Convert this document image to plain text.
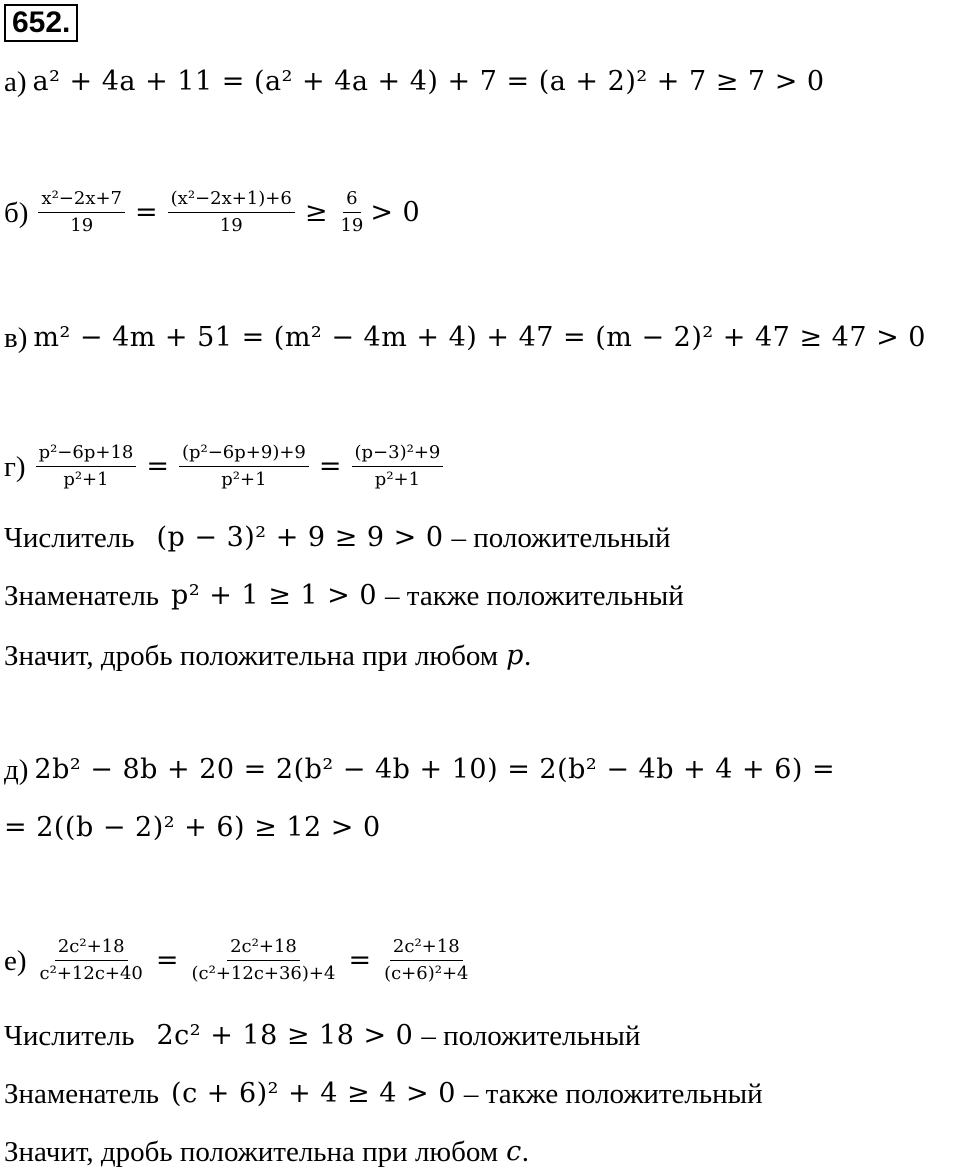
652.
а) a² + 4a + 11 = (a² + 4a + 4) + 7 = (a + 2)² + 7 ≥ 7 > 0
$б) \frac{\text{x²−2x+7}}{19} = \frac{\text{(x²−2x+1)+6}}{19} \ge \frac{6}{19} > 0$
в) m² − 4m + 51 = (m² − 4m + 4) + 47 = (m − 2)² + 47 ≥ 47 > 0
$г) \frac{\text{p²−6p+18}}{\text{p²+1}} = \frac{\text{(p²−6p+9)+9}}{\text{p²+1}} = \frac{\text{(p−3)²+9}}{\text{p²+1}}$
Числитель (p − 3)² + 9 ≥ 9 > 0 – положительный
Знаменатель p² + 1 ≥ 1 > 0 – также положительный
Значит, дробь положительна при любом p .
д) 2b² − 8b + 20 = 2(b² − 4b + 10) = 2(b² − 4b + 4 + 6) =
= 2((b − 2)² + 6) ≥ 12 > 0
$е) \frac{\text{2c²+18}}{\text{c²+12c+40}} = \frac{\text{2c²+18}}{\text{(c²+12c+36)+4}} = \frac{\text{2c²+18}}{\text{(c+6)²+4}}$
Числитель 2c² + 18 ≥ 18 > 0 – положительный
Знаменатель (c + 6)² + 4 ≥ 4 > 0 – также положительный
Значит, дробь положительна при любом c .
